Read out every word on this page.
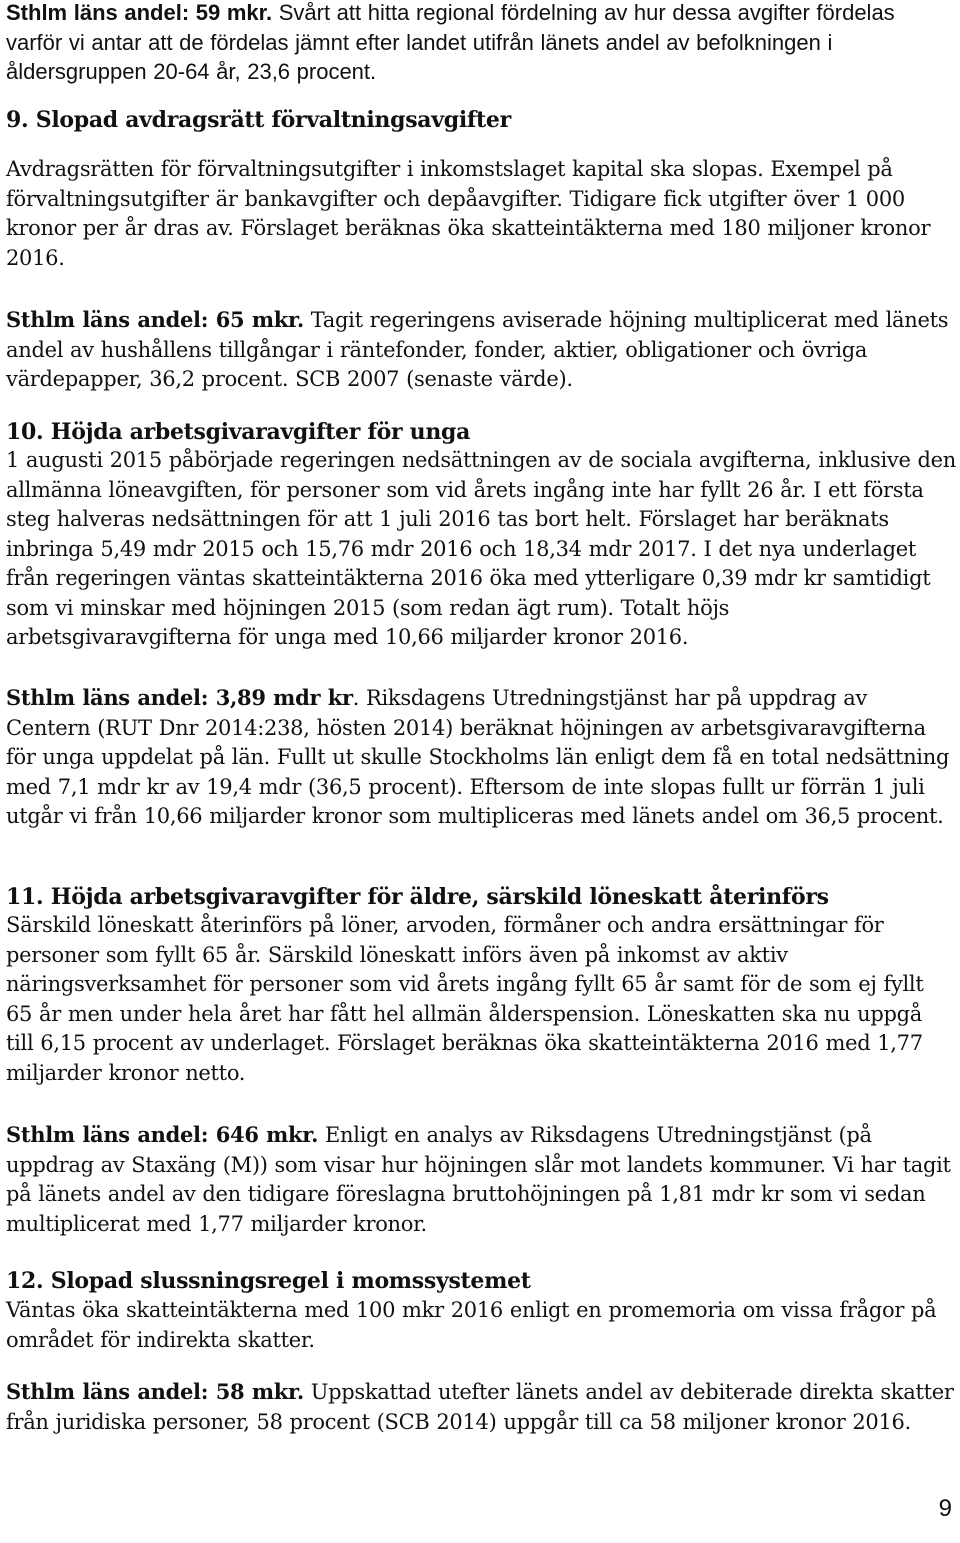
Sthlm läns andel: 59 mkr. Svårt att hitta regional fördelning av hur dessa avgifter fördelas varför vi antar att de fördelas jämnt efter landet utifrån länets andel av befolkningen i åldersgruppen 20-64 år, 23,6 procent.

9. Slopad avdragsrätt förvaltningsavgifter

Avdragsrätten för förvaltningsutgifter i inkomstslaget kapital ska slopas. Exempel på förvaltningsutgifter är bankavgifter och depåavgifter. Tidigare fick utgifter över 1 000 kronor per år dras av. Förslaget beräknas öka skatteintäkterna med 180 miljoner kronor 2016.

Sthlm läns andel: 65 mkr. Tagit regeringens aviserade höjning multiplicerat med länets andel av hushållens tillgångar i räntefonder, fonder, aktier, obligationer och övriga värdepapper, 36,2 procent. SCB 2007 (senaste värde).

10. Höjda arbetsgivaravgifter för unga

1 augusti 2015 påbörjade regeringen nedsättningen av de sociala avgifterna, inklusive den allmänna löneavgiften, för personer som vid årets ingång inte har fyllt 26 år. I ett första steg halveras nedsättningen för att 1 juli 2016 tas bort helt. Förslaget har beräknats inbringa 5,49 mdr 2015 och 15,76 mdr 2016 och 18,34 mdr 2017. I det nya underlaget från regeringen väntas skatteintäkterna 2016 öka med ytterligare 0,39 mdr kr samtidigt som vi minskar med höjningen 2015 (som redan ägt rum). Totalt höjs arbetsgivaravgifterna för unga med 10,66 miljarder kronor 2016.

Sthlm läns andel: 3,89 mdr kr. Riksdagens Utredningstjänst har på uppdrag av Centern (RUT Dnr 2014:238, hösten 2014) beräknat höjningen av arbetsgivaravgifterna för unga uppdelat på län. Fullt ut skulle Stockholms län enligt dem få en total nedsättning med 7,1 mdr kr av 19,4 mdr (36,5 procent). Eftersom de inte slopas fullt ur förrän 1 juli utgår vi från 10,66 miljarder kronor som multipliceras med länets andel om 36,5 procent.

11. Höjda arbetsgivaravgifter för äldre, särskild löneskatt återinförs

Särskild löneskatt återinförs på löner, arvoden, förmåner och andra ersättningar för personer som fyllt 65 år. Särskild löneskatt införs även på inkomst av aktiv näringsverksamhet för personer som vid årets ingång fyllt 65 år samt för de som ej fyllt 65 år men under hela året har fått hel allmän ålderspension. Löneskatten ska nu uppgå till 6,15 procent av underlaget. Förslaget beräknas öka skatteintäkterna 2016 med 1,77 miljarder kronor netto.

Sthlm läns andel: 646 mkr. Enligt en analys av Riksdagens Utredningstjänst (på uppdrag av Staxäng (M)) som visar hur höjningen slår mot landets kommuner. Vi har tagit på länets andel av den tidigare föreslagna bruttohöjningen på 1,81 mdr kr som vi sedan multiplicerat med 1,77 miljarder kronor.

12. Slopad slussningsregel i momssystemet

Väntas öka skatteintäkterna med 100 mkr 2016 enligt en promemoria om vissa frågor på området för indirekta skatter.

Sthlm läns andel: 58 mkr. Uppskattad utefter länets andel av debiterade direkta skatter från juridiska personer, 58 procent (SCB 2014) uppgår till ca 58 miljoner kronor 2016.

9
